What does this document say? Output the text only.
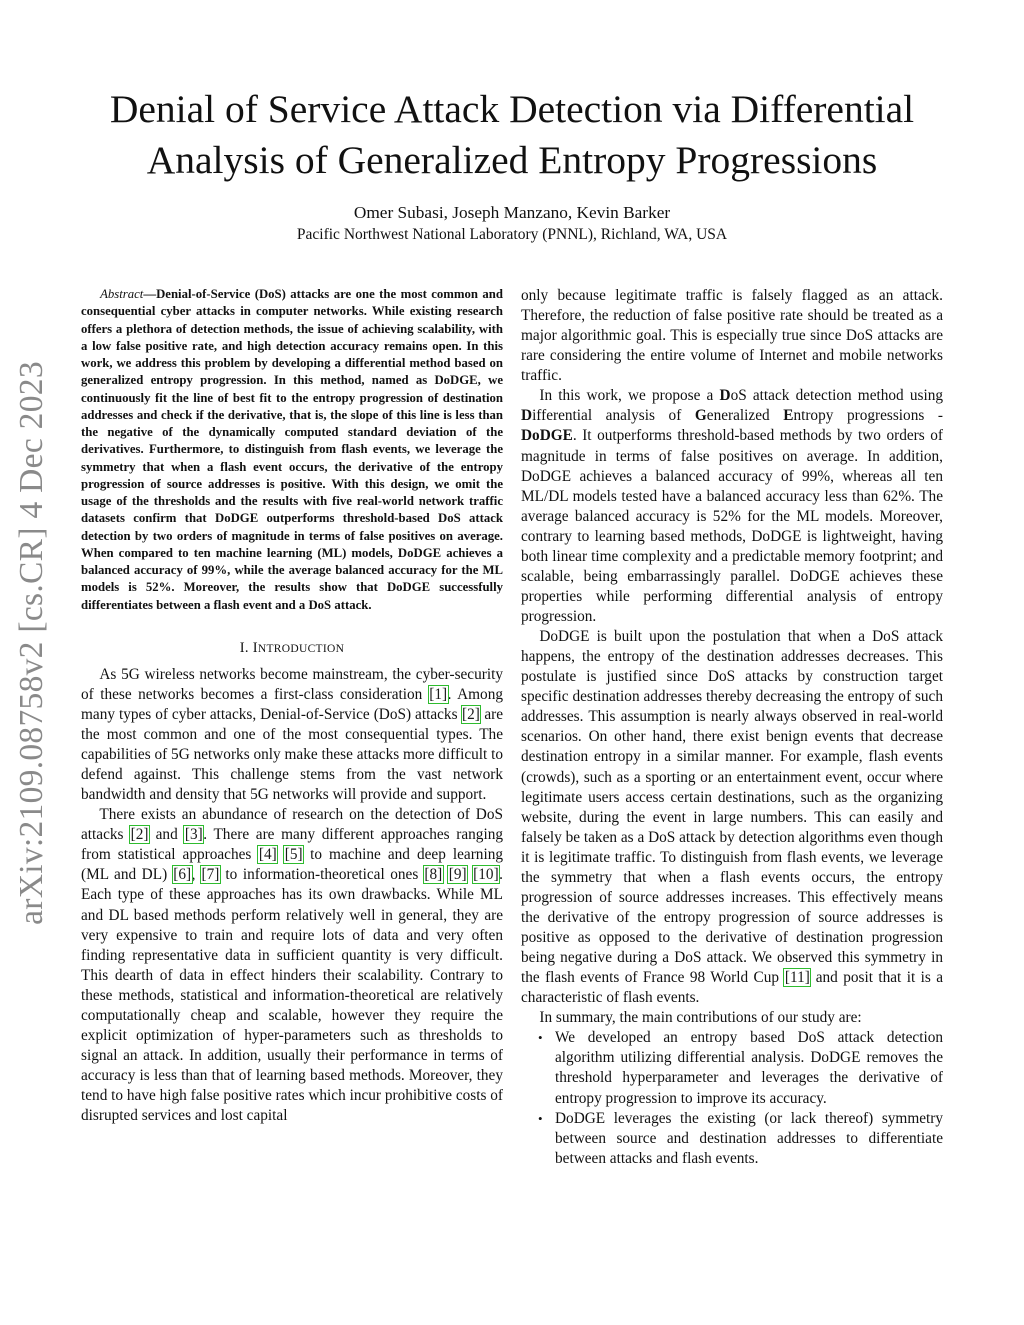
arXiv:2109.08758v2 [cs.CR] 4 Dec 2023
Denial of Service Attack Detection via Differential
Analysis of Generalized Entropy Progressions
Omer Subasi, Joseph Manzano, Kevin Barker
Pacific Northwest National Laboratory (PNNL), Richland, WA, USA

Abstract—Denial-of-Service (DoS) attacks are one the most common and consequential cyber attacks in computer networks. While existing research offers a plethora of detection methods, the issue of achieving scalability, with a low false positive rate, and high detection accuracy remains open. In this work, we address this problem by developing a differential method based on generalized entropy progression. In this method, named as DoDGE, we continuously fit the line of best fit to the entropy progression of destination addresses and check if the derivative, that is, the slope of this line is less than the negative of the dynamically computed standard deviation of the derivatives. Furthermore, to distinguish from flash events, we leverage the symmetry that when a flash event occurs, the derivative of the entropy progression of source addresses is positive. With this design, we omit the usage of the thresholds and the results with five real-world network traffic datasets confirm that DoDGE outperforms threshold-based DoS attack detection by two orders of magnitude in terms of false positives on average. When compared to ten machine learning (ML) models, DoDGE achieves a balanced accuracy of 99%, while the average balanced accuracy for the ML models is 52%. Moreover, the results show that DoDGE successfully differentiates between a flash event and a DoS attack.

I. INTRODUCTION

As 5G wireless networks become mainstream, the cyber-security of these networks becomes a first-class consideration [1]. Among many types of cyber attacks, Denial-of-Service (DoS) attacks [2] are the most common and one of the most consequential types. The capabilities of 5G networks only make these attacks more difficult to defend against. This challenge stems from the vast network bandwidth and density that 5G networks will provide and support.

There exists an abundance of research on the detection of DoS attacks [2] and [3]. There are many different approaches ranging from statistical approaches [4] [5] to machine and deep learning (ML and DL) [6], [7] to information-theoretical ones [8] [9] [10]. Each type of these approaches has its own drawbacks. While ML and DL based methods perform relatively well in general, they are very expensive to train and require lots of data and very often finding representative data in sufficient quantity is very difficult. This dearth of data in effect hinders their scalability. Contrary to these methods, statistical and information-theoretical are relatively computationally cheap and scalable, however they require the explicit optimization of hyper-parameters such as thresholds to signal an attack. In addition, usually their performance in terms of accuracy is less than that of learning based methods. Moreover, they tend to have high false positive rates which incur prohibitive costs of disrupted services and lost capital

only because legitimate traffic is falsely flagged as an attack. Therefore, the reduction of false positive rate should be treated as a major algorithmic goal. This is especially true since DoS attacks are rare considering the entire volume of Internet and mobile networks traffic.

In this work, we propose a DoS attack detection method using Differential analysis of Generalized Entropy progressions - DoDGE. It outperforms threshold-based methods by two orders of magnitude in terms of false positives on average. In addition, DoDGE achieves a balanced accuracy of 99%, whereas all ten ML/DL models tested have a balanced accuracy less than 62%. The average balanced accuracy is 52% for the ML models. Moreover, contrary to learning based methods, DoDGE is lightweight, having both linear time complexity and a predictable memory footprint; and scalable, being embarrassingly parallel. DoDGE achieves these properties while performing differential analysis of entropy progression.

DoDGE is built upon the postulation that when a DoS attack happens, the entropy of the destination addresses decreases. This postulate is justified since DoS attacks by construction target specific destination addresses thereby decreasing the entropy of such addresses. This assumption is nearly always observed in real-world scenarios. On other hand, there exist benign events that decrease destination entropy in a similar manner. For example, flash events (crowds), such as a sporting or an entertainment event, occur where legitimate users access certain destinations, such as the organizing website, during the event in large numbers. This can easily and falsely be taken as a DoS attack by detection algorithms even though it is legitimate traffic. To distinguish from flash events, we leverage the symmetry that when a flash events occurs, the entropy progression of source addresses increases. This effectively means the derivative of the entropy progression of source addresses is positive as opposed to the derivative of destination progression being negative during a DoS attack. We observed this symmetry in the flash events of France 98 World Cup [11] and posit that it is a characteristic of flash events.

In summary, the main contributions of our study are:

• We developed an entropy based DoS attack detection algorithm utilizing differential analysis. DoDGE removes the threshold hyperparameter and leverages the derivative of entropy progression to improve its accuracy.
• DoDGE leverages the existing (or lack thereof) symmetry between source and destination addresses to differentiate between attacks and flash events.
